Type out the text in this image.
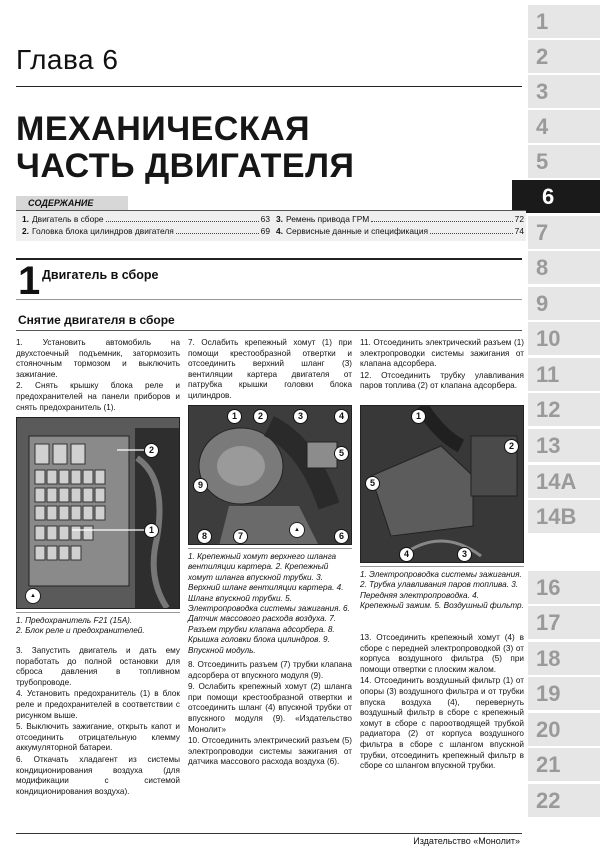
1
2
3
4
5
6
7
8
9
10
11
12
13
14A
14B
16
17
18
19
20
21
22
Глава 6
МЕХАНИЧЕСКАЯ
ЧАСТЬ ДВИГАТЕЛЯ
СОДЕРЖАНИЕ
1. Двигатель в сборе	63
2. Головка блока цилиндров двигателя	69
3. Ремень привода ГРМ	72
4. Сервисные данные и спецификация	74
1 Двигатель в сборе
Снятие двигателя в сборе

1. Установить автомобиль на двухстоечный подъемник, затормозить стояночным тормозом и выключить зажигание.

2. Снять крышку блока реле и предохранителей на панели приборов и снять предохранитель (1).

2
1
▲
1. Предохранитель F21 (15A).
2. Блок реле и предохранителей.

3. Запустить двигатель и дать ему поработать до полной остановки для сброса давления в топливном трубопроводе.

4. Установить предохранитель (1) в блок реле и предохранителей в соответствии с рисунком выше.

5. Выключить зажигание, открыть капот и отсоединить отрицательную клемму аккумуляторной батареи.

6. Откачать хладагент из системы кондиционирования воздуха (для модификации с системой кондиционирования воздуха).

7. Ослабить крепежный хомут (1) при помощи крестообразной отвертки и отсоединить верхний шланг (3) вентиляции картера двигателя от патрубка крышки головки блока цилиндров.

1	2	3	4
5
9
8	7	6
▲
1. Крепежный хомут верхнего шланга вентиляции картера. 2. Крепежный хомут шланга впускной трубки. 3. Верхний шланг вентиляции картера. 4. Шланг впускной трубки. 5. Электропроводка системы зажигания. 6. Датчик массового расхода воздуха. 7. Разъем трубки клапана адсорбера. 8. Крышка головки блока цилиндров. 9. Впускной модуль.

8. Отсоединить разъем (7) трубки клапана адсорбера от впускного модуля (9).

9. Ослабить крепежный хомут (2) шланга при помощи крестообразной отвертки и отсоединить шланг (4) впускной трубки от впускного модуля (9). «Издательство Монолит»

10. Отсоединить электрический разъем (5) электропроводки системы зажигания от датчика массового расхода воздуха (6).

11. Отсоединить электрический разъем (1) электропроводки системы зажигания от клапана адсорбера.

12. Отсоединить трубку улавливания паров топлива (2) от клапана адсорбера.

1
2
5
4	3
1. Электропроводка системы зажигания. 2. Трубка улавливания паров топлива. 3. Передняя электропроводка. 4. Крепежный зажим. 5. Воздушный фильтр.

13. Отсоединить крепежный хомут (4) в сборе с передней электропроводкой (3) от корпуса воздушного фильтра (5) при помощи отвертки с плоским жалом.

14. Отсоединить воздушный фильтр (1) от опоры (3) воздушного фильтра и от трубки впуска воздуха (4), перевернуть воздушный фильтр в сборе с крепежный хомут в сборе с пароотводящей трубкой радиатора (2) от корпуса воздушного фильтра в сборе с шлангом впускной трубки, отсоединить крепежный фильтр в сборе со шлангом впускной трубки.

Издательство «Монолит»
